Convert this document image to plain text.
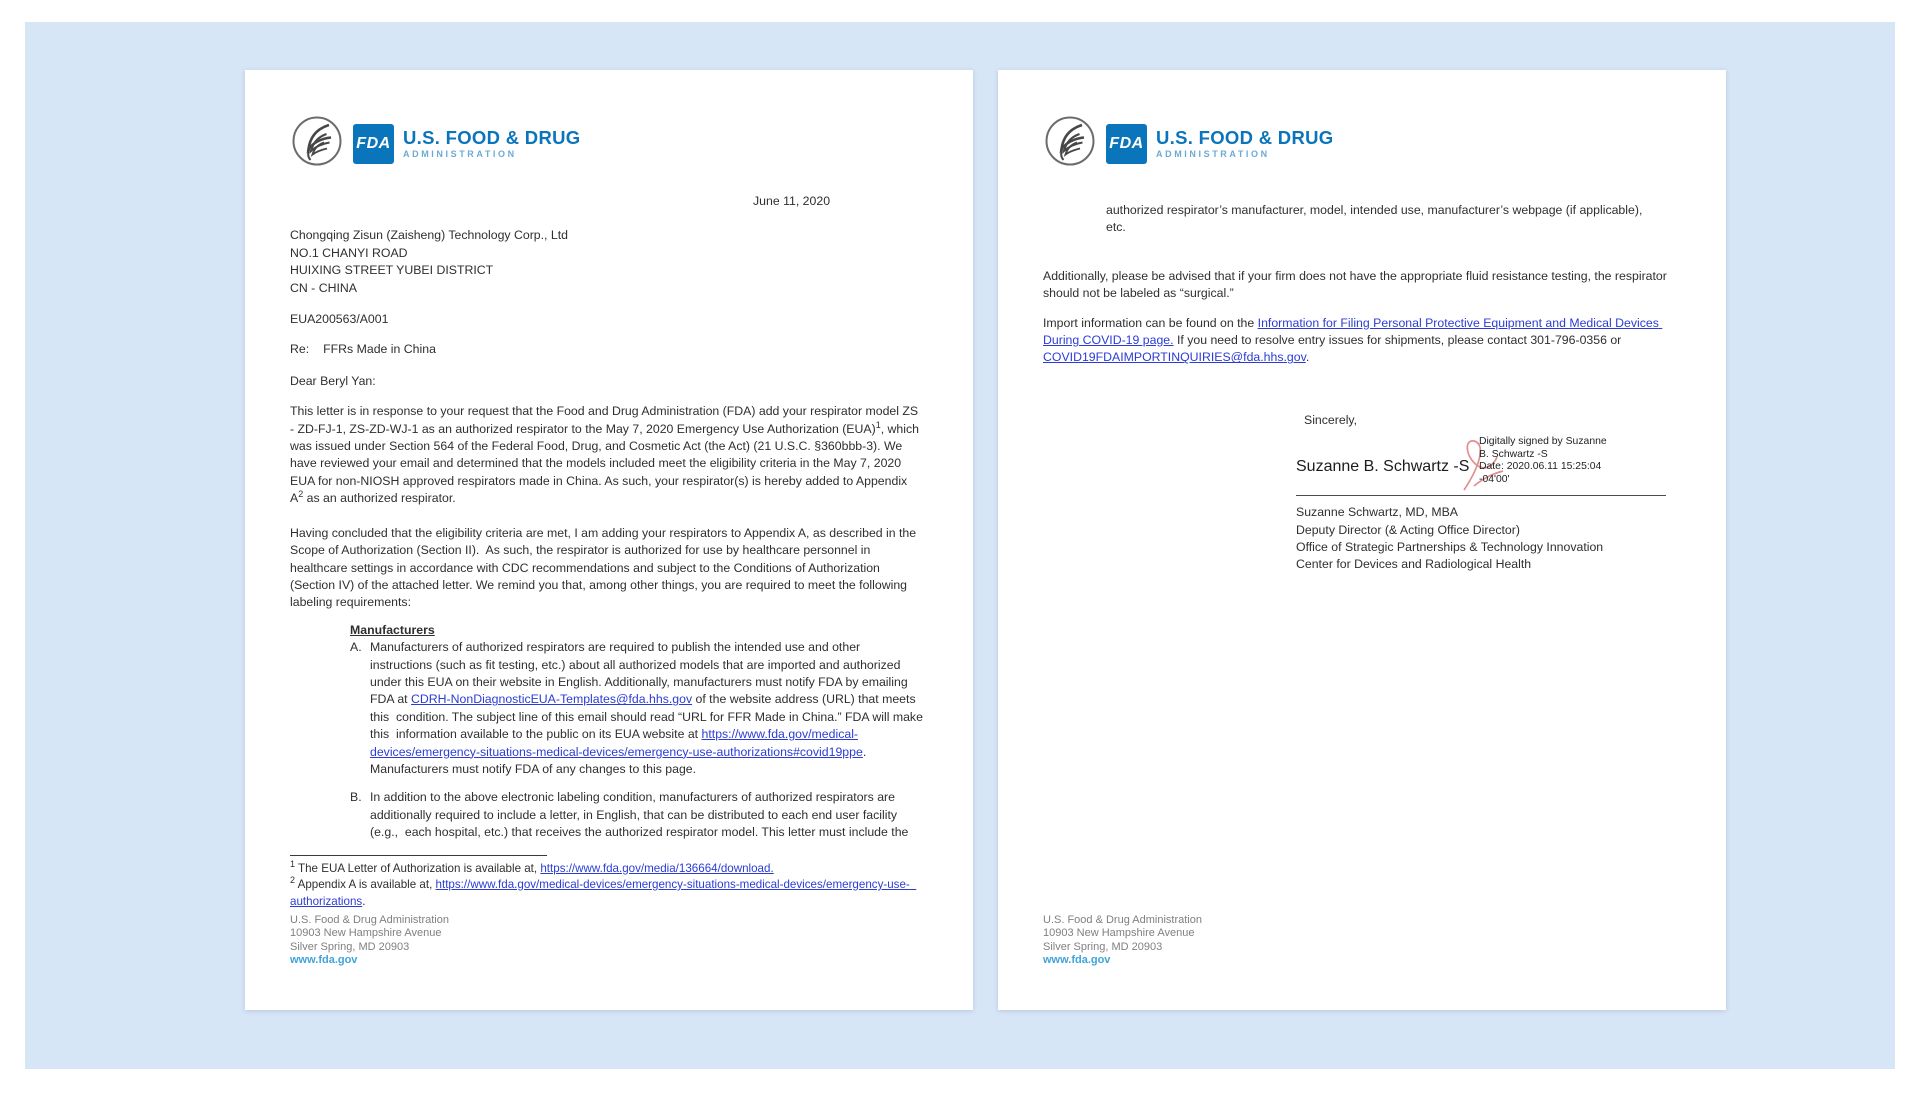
FDA U.S. FOOD & DRUG
ADMINISTRATION
June 11, 2020
Chongqing Zisun (Zaisheng) Technology Corp., Ltd
NO.1 CHANYI ROAD
HUIXING STREET YUBEI DISTRICT
CN - CHINA
EUA200563/A001
Re: FFRs Made in China
Dear Beryl Yan:
This letter is in response to your request that the Food and Drug Administration (FDA) add your respirator model ZS - ZD-FJ-1, ZS-ZD-WJ-1 as an authorized respirator to the May 7, 2020 Emergency Use Authorization (EUA)$^1$, which was issued under Section 564 of the Federal Food, Drug, and Cosmetic Act (the Act) (21 U.S.C. §360bbb-3). We have reviewed your email and determined that the models included meet the eligibility criteria in the May 7, 2020 EUA for non-NIOSH approved respirators made in China. As such, your respirator(s) is hereby added to Appendix $A^2$ as an authorized respirator.
Having concluded that the eligibility criteria are met, I am adding your respirators to Appendix A, as described in the Scope of Authorization (Section II).  As such, the respirator is authorized for use by healthcare personnel in healthcare settings in accordance with CDC recommendations and subject to the Conditions of Authorization  (Section IV) of the attached letter. We remind you that, among other things, you are required to meet the following  labeling requirements:
Manufacturers
A. Manufacturers of authorized respirators are required to publish the intended use and other instructions (such as fit testing, etc.) about all authorized models that are imported and authorized under this EUA on their website in English. Additionally, manufacturers must notify FDA by emailing FDA at CDRH-NonDiagnosticEUA-Templates@fda.hhs.gov of the website address (URL) that meets this  condition. The subject line of this email should read “URL for FFR Made in China.” FDA will make this  information available to the public on its EUA website at https://www.fda.gov/medical-devices/emergency-situations-medical-devices/emergency-use-authorizations#covid19ppe. Manufacturers must notify FDA of any changes to this page.
B. In addition to the above electronic labeling condition, manufacturers of authorized respirators are additionally required to include a letter, in English, that can be distributed to each end user facility (e.g.,  each hospital, etc.) that receives the authorized respirator model. This letter must include the
$^1$ The EUA Letter of Authorization is available at, https://www.fda.gov/media/136664/download.
$^2$ Appendix A is available at, https://www.fda.gov/medical-devices/emergency-situations-medical-devices/emergency-use-  authorizations.
U.S. Food & Drug Administration
10903 New Hampshire Avenue
Silver Spring, MD 20903
www.fda.gov
FDA U.S. FOOD & DRUG
ADMINISTRATION
authorized respirator’s manufacturer, model, intended use, manufacturer’s webpage (if applicable),
etc.
Additionally, please be advised that if your firm does not have the appropriate fluid resistance testing, the respirator should not be labeled as “surgical.”
Import information can be found on the Information for Filing Personal Protective Equipment and Medical Devices During COVID-19 page. If you need to resolve entry issues for shipments, please contact 301-796-0356 or COVID19FDAIMPORTINQUIRIES@fda.hhs.gov.
Sincerely,
Suzanne B. Schwartz -S
Digitally signed by Suzanne
B. Schwartz -S
Date: 2020.06.11 15:25:04
-04'00'
Suzanne Schwartz, MD, MBA
Deputy Director (& Acting Office Director)
Office of Strategic Partnerships & Technology Innovation
Center for Devices and Radiological Health
U.S. Food & Drug Administration
10903 New Hampshire Avenue
Silver Spring, MD 20903
www.fda.gov
